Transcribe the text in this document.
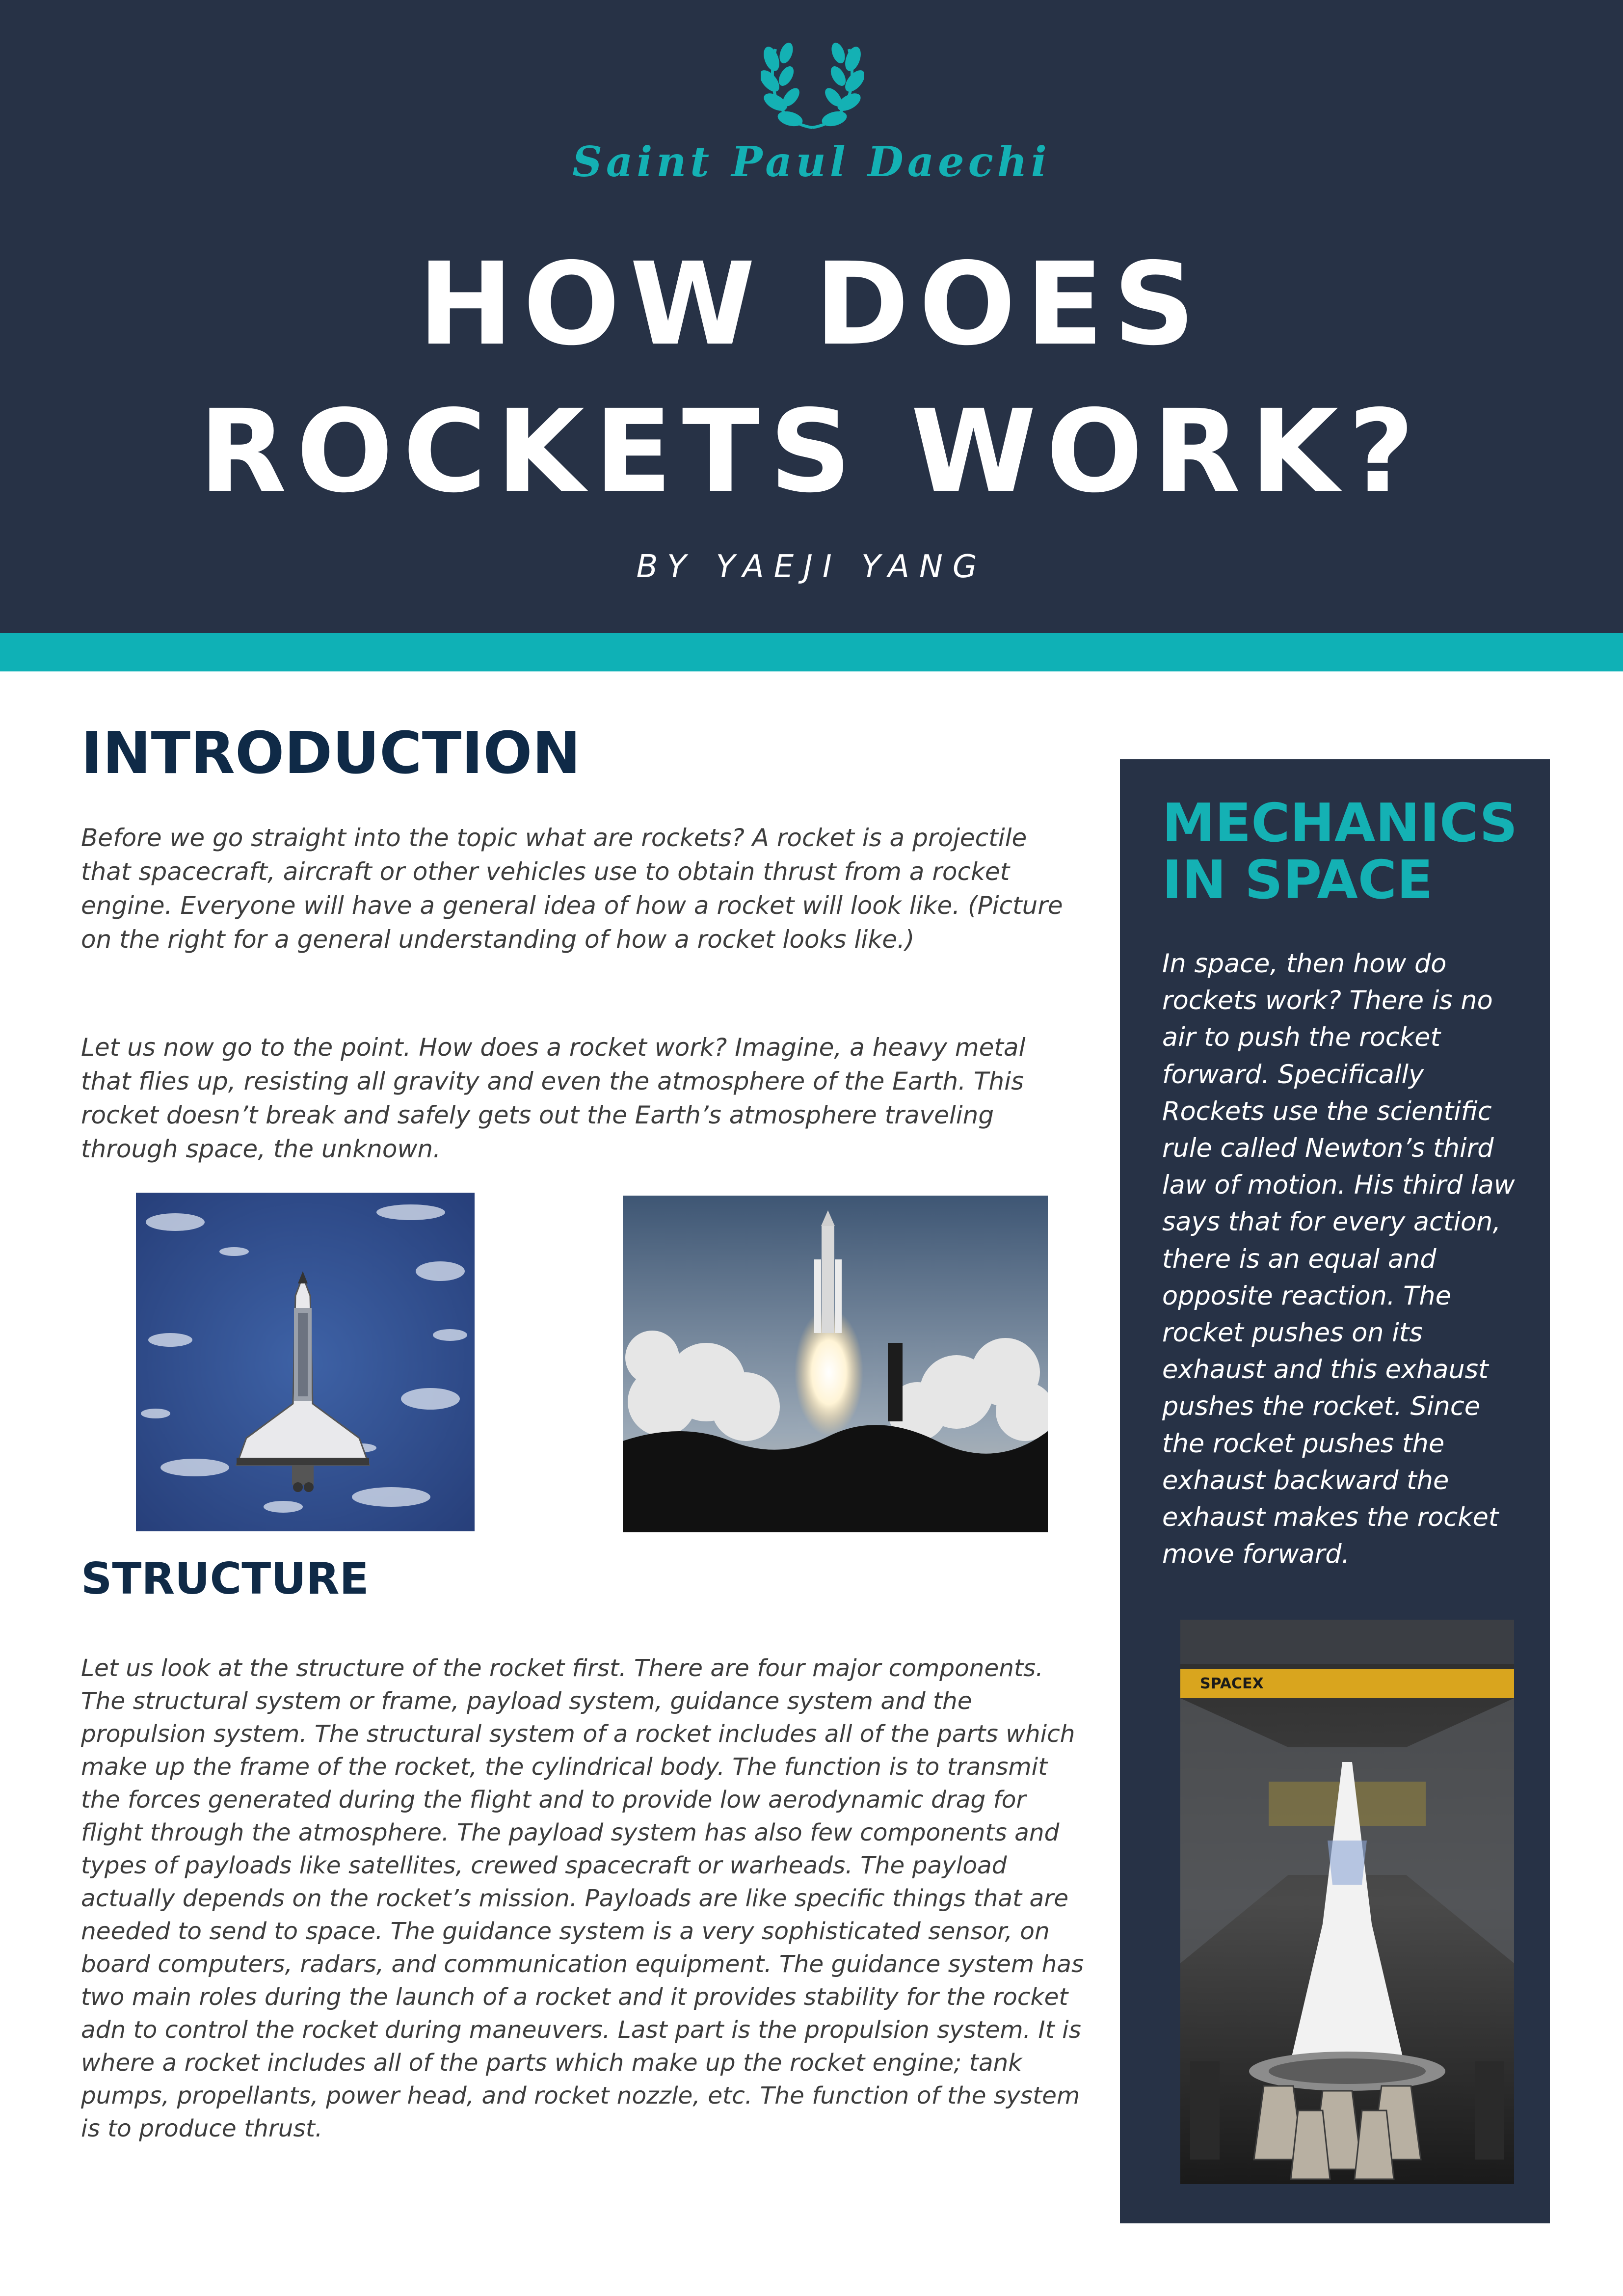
Saint Paul Daechi
HOW DOES
ROCKETS WORK?
BY YAEJI YANG
INTRODUCTION

Before we go straight into the topic what are rockets? A rocket is a projectile that spacecraft, aircraft or other vehicles use to obtain thrust from a rocket engine. Everyone will have a general idea of how a rocket will look like. (Picture on the right for a general understanding of how a rocket looks like.)

Let us now go to the point. How does a rocket work? Imagine, a heavy metal that flies up, resisting all gravity and even the atmosphere of the Earth. This rocket doesn’t break and safely gets out the Earth’s atmosphere traveling through space, the unknown.

STRUCTURE

Let us look at the structure of the rocket first. There are four major components. The structural system or frame, payload system, guidance system and the propulsion system. The structural system of a rocket includes all of the parts which make up the frame of the rocket, the cylindrical body. The function is to transmit the forces generated during the flight and to provide low aerodynamic drag for flight through the atmosphere. The payload system has also few components and types of payloads like satellites, crewed spacecraft or warheads. The payload actually depends on the rocket’s mission. Payloads are like specific things that are needed to send to space. The guidance system is a very sophisticated sensor, on board computers, radars, and communication equipment. The guidance system has two main roles during the launch of a rocket and it provides stability for the rocket adn to control the rocket during maneuvers. Last part is the propulsion system. It is where a rocket includes all of the parts which make up the rocket engine; tank pumps, propellants, power head, and rocket nozzle, etc. The function of the system is to produce thrust.

MECHANICS IN SPACE

In space, then how do rockets work? There is no air to push the rocket forward. Specifically Rockets use the scientific rule called Newton’s third law of motion. His third law says that for every action, there is an equal and opposite reaction. The rocket pushes on its exhaust and this exhaust pushes the rocket. Since the rocket pushes the exhaust backward the exhaust makes the rocket move forward.

SPACEX
